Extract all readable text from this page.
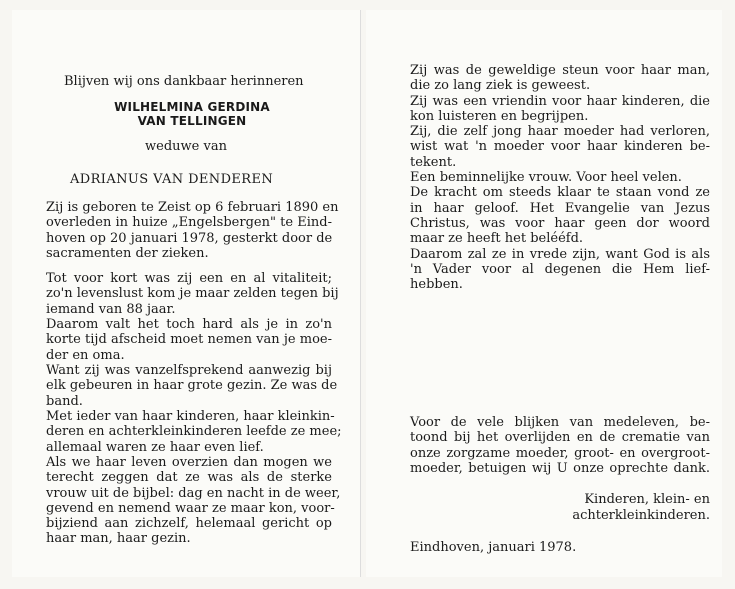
Blijven wij ons dankbaar herinneren
WILHELMINA GERDINA
VAN TELLINGEN
weduwe van
ADRIANUS VAN DENDEREN
Zij is geboren te Zeist op 6 februari 1890 en
overleden in huize „Engelsbergen" te Eind-
hoven op 20 januari 1978, gesterkt door de
sacramenten der zieken.
Tot voor kort was zij een en al vitaliteit;
zo'n levenslust kom je maar zelden tegen bij
iemand van 88 jaar.
Daarom valt het toch hard als je in zo'n
korte tijd afscheid moet nemen van je moe-
der en oma.
Want zij was vanzelfsprekend aanwezig bij
elk gebeuren in haar grote gezin. Ze was de
band.
Met ieder van haar kinderen, haar kleinkin-
deren en achterkleinkinderen leefde ze mee;
allemaal waren ze haar even lief.
Als we haar leven overzien dan mogen we
terecht zeggen dat ze was als de sterke
vrouw uit de bijbel: dag en nacht in de weer,
gevend en nemend waar ze maar kon, voor-
bijziend aan zichzelf, helemaal gericht op
haar man, haar gezin.
Zij was de geweldige steun voor haar man,
die zo lang ziek is geweest.
Zij was een vriendin voor haar kinderen, die
kon luisteren en begrijpen.
Zij, die zelf jong haar moeder had verloren,
wist wat 'n moeder voor haar kinderen be-
tekent.
Een beminnelijke vrouw. Voor heel velen.
De kracht om steeds klaar te staan vond ze
in haar geloof. Het Evangelie van Jezus
Christus, was voor haar geen dor woord
maar ze heeft het belééfd.
Daarom zal ze in vrede zijn, want God is als
'n Vader voor al degenen die Hem lief-
hebben.
Voor de vele blijken van medeleven, be-
toond bij het overlijden en de crematie van
onze zorgzame moeder, groot- en overgroot-
moeder, betuigen wij U onze oprechte dank.
Kinderen, klein- en
achterkleinkinderen.
Eindhoven, januari 1978.
